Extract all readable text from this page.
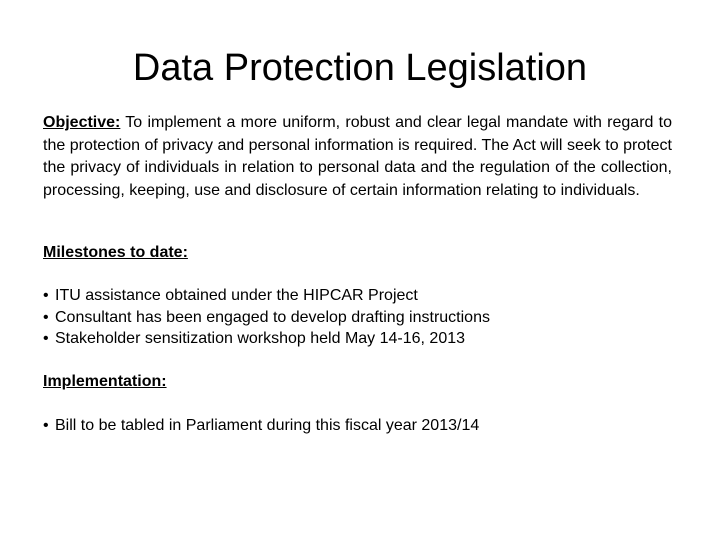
Data Protection Legislation

Objective: To implement a more uniform, robust and clear legal mandate with regard to the protection of privacy and personal information is required. The Act will seek to protect the privacy of individuals in relation to personal data and the regulation of the collection, processing, keeping, use and disclosure of certain information relating to individuals.

Milestones to date:

• ITU assistance obtained under the HIPCAR Project
• Consultant has been engaged to develop drafting instructions
• Stakeholder sensitization workshop held May 14-16, 2013

Implementation:

• Bill to be tabled in Parliament during this fiscal year 2013/14
